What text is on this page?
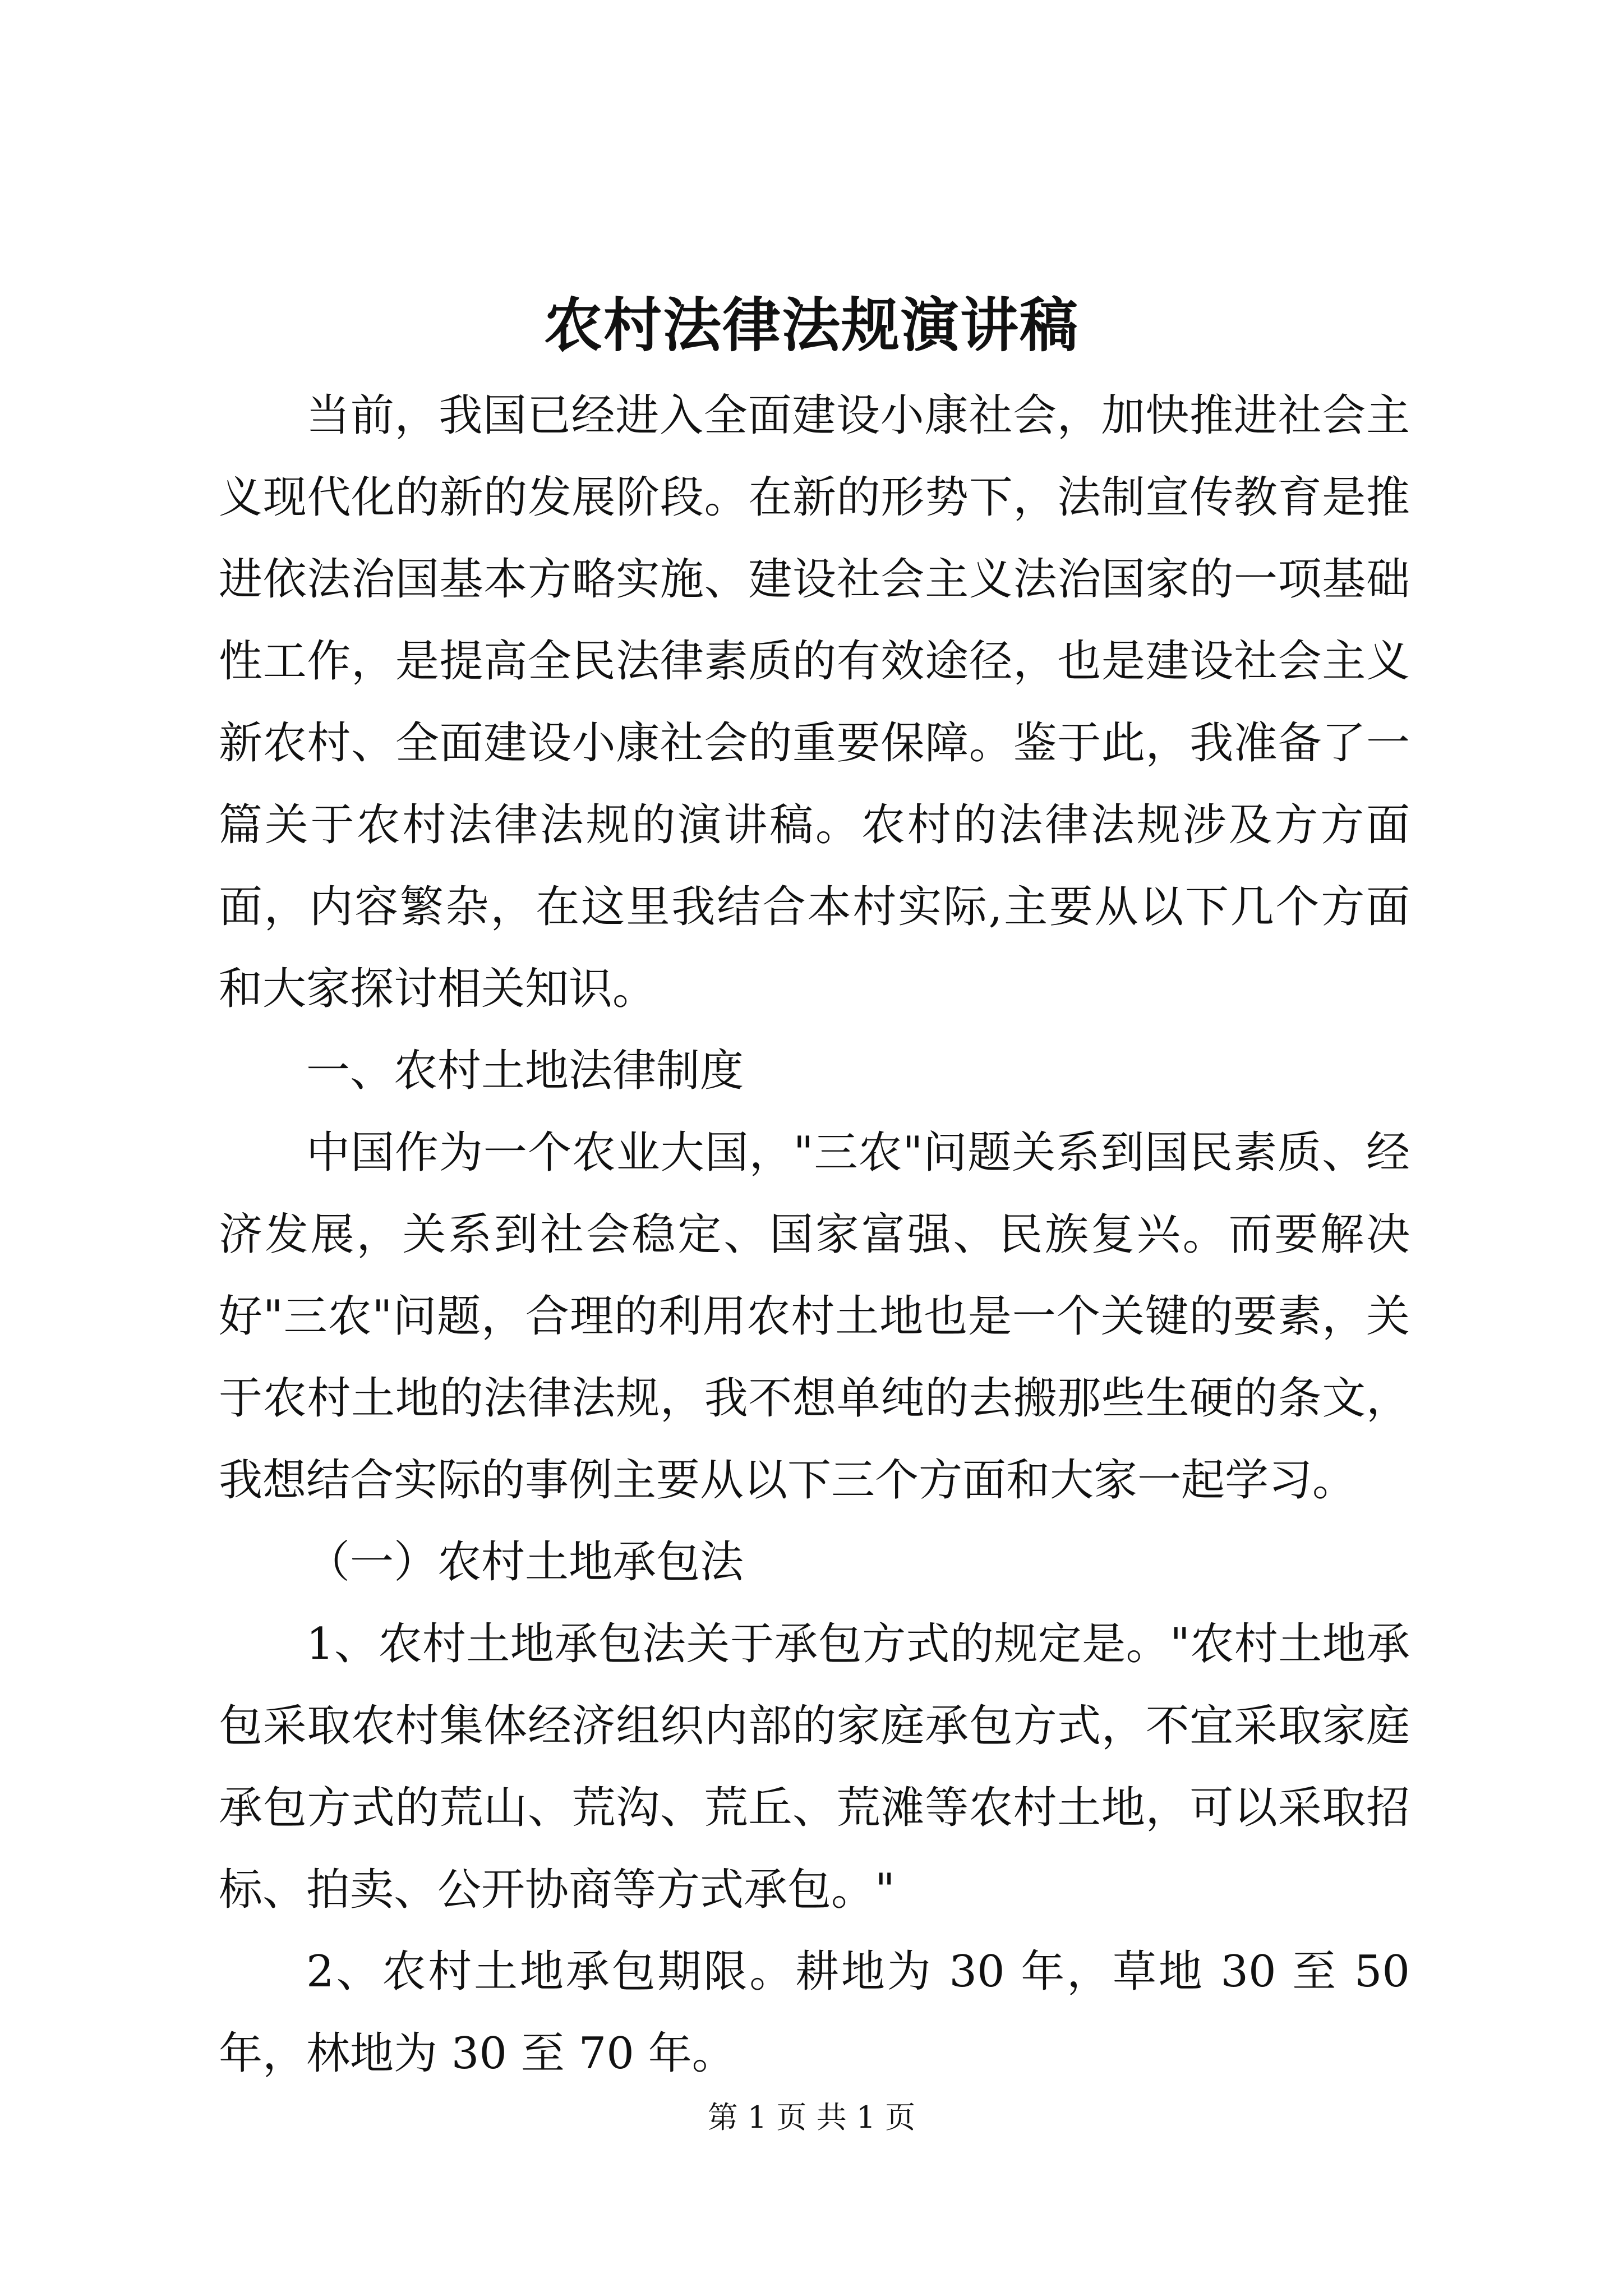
农村法律法规演讲稿

当前，我国已经进入全面建设小康社会，加快推进社会主义现代化的新的发展阶段。在新的形势下，法制宣传教育是推进依法治国基本方略实施、建设社会主义法治国家的一项基础性工作，是提高全民法律素质的有效途径，也是建设社会主义新农村、全面建设小康社会的重要保障。鉴于此，我准备了一篇关于农村法律法规的演讲稿。农村的法律法规涉及方方面面，内容繁杂，在这里我结合本村实际,主要从以下几个方面和大家探讨相关知识。

一、农村土地法律制度

中国作为一个农业大国，"三农"问题关系到国民素质、经济发展，关系到社会稳定、国家富强、民族复兴。而要解决好"三农"问题，合理的利用农村土地也是一个关键的要素，关于农村土地的法律法规，我不想单纯的去搬那些生硬的条文，我想结合实际的事例主要从以下三个方面和大家一起学习。

（一）农村土地承包法

1、农村土地承包法关于承包方式的规定是。"农村土地承包采取农村集体经济组织内部的家庭承包方式，不宜采取家庭承包方式的荒山、荒沟、荒丘、荒滩等农村土地，可以采取招标、拍卖、公开协商等方式承包。"

2、农村土地承包期限。耕地为 30 年，草地 30 至 50 年，林地为 30 至 70 年。

第 1 页 共 1 页
